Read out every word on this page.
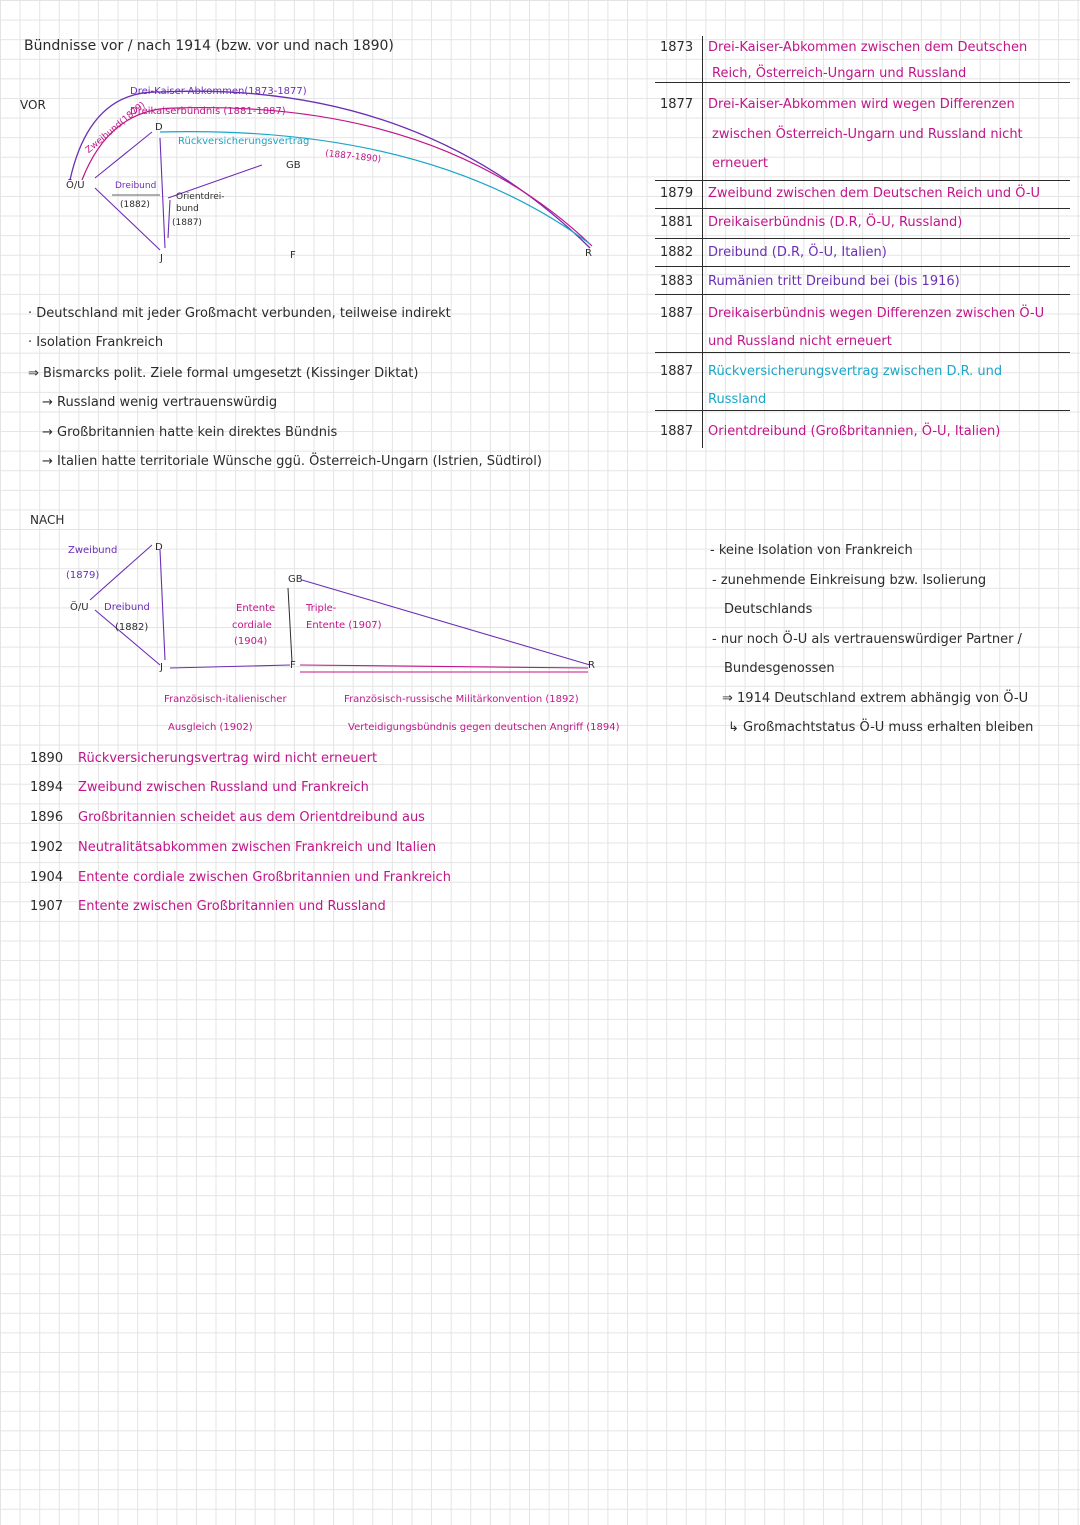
Bündnisse vor / nach 1914 (bzw. vor und nach 1890)
VOR
Drei-Kaiser-Abkommen(1873-1877)
Dreikaiserbündnis (1881-1887)
Rückversicherungsvertrag
(1887-1890)
D
GB
Zweibund(1879)
Ö/U	Dreibund
(1882)
Orientdrei-
bund
(1887)
F
J	R
· Deutschland mit jeder Großmacht verbunden, teilweise indirekt
· Isolation Frankreich
⇒ Bismarcks polit. Ziele formal umgesetzt (Kissinger Diktat)
→ Russland wenig vertrauenswürdig
→ Großbritannien hatte kein direktes Bündnis
→ Italien hatte territoriale Wünsche ggü. Österreich-Ungarn (Istrien, Südtirol)
1873 Drei-Kaiser-Abkommen zwischen dem Deutschen
Reich, Österreich-Ungarn und Russland
1877 Drei-Kaiser-Abkommen wird wegen Differenzen
zwischen Österreich-Ungarn und Russland nicht
erneuert
1879 Zweibund zwischen dem Deutschen Reich und Ö-U
1881 Dreikaiserbündnis (D.R, Ö-U, Russland)
1882 Dreibund (D.R, Ö-U, Italien)
1883 Rumänien tritt Dreibund bei (bis 1916)
1887 Dreikaiserbündnis wegen Differenzen zwischen Ö-U
und Russland nicht erneuert
1887 Rückversicherungsvertrag zwischen D.R. und
Russland
1887 Orientdreibund (Großbritannien, Ö-U, Italien)
NACH
Zweibund
(1879)
D
Ö/U Dreibund
(1882)
GB
Entente
cordiale
(1904)
Triple-
Entente (1907)
J	F	R
Französisch-italienischer
Ausgleich (1902)
Französisch-russische Militärkonvention (1892)
Verteidigungsbündnis gegen deutschen Angriff (1894)
- keine Isolation von Frankreich
- zunehmende Einkreisung bzw. Isolierung
Deutschlands
- nur noch Ö-U als vertrauenswürdiger Partner /
Bundesgenossen
⇒ 1914 Deutschland extrem abhängig von Ö-U
↳ Großmachtstatus Ö-U muss erhalten bleiben
1890 Rückversicherungsvertrag wird nicht erneuert
1894 Zweibund zwischen Russland und Frankreich
1896 Großbritannien scheidet aus dem Orientdreibund aus
1902 Neutralitätsabkommen zwischen Frankreich und Italien
1904 Entente cordiale zwischen Großbritannien und Frankreich
1907 Entente zwischen Großbritannien und Russland
